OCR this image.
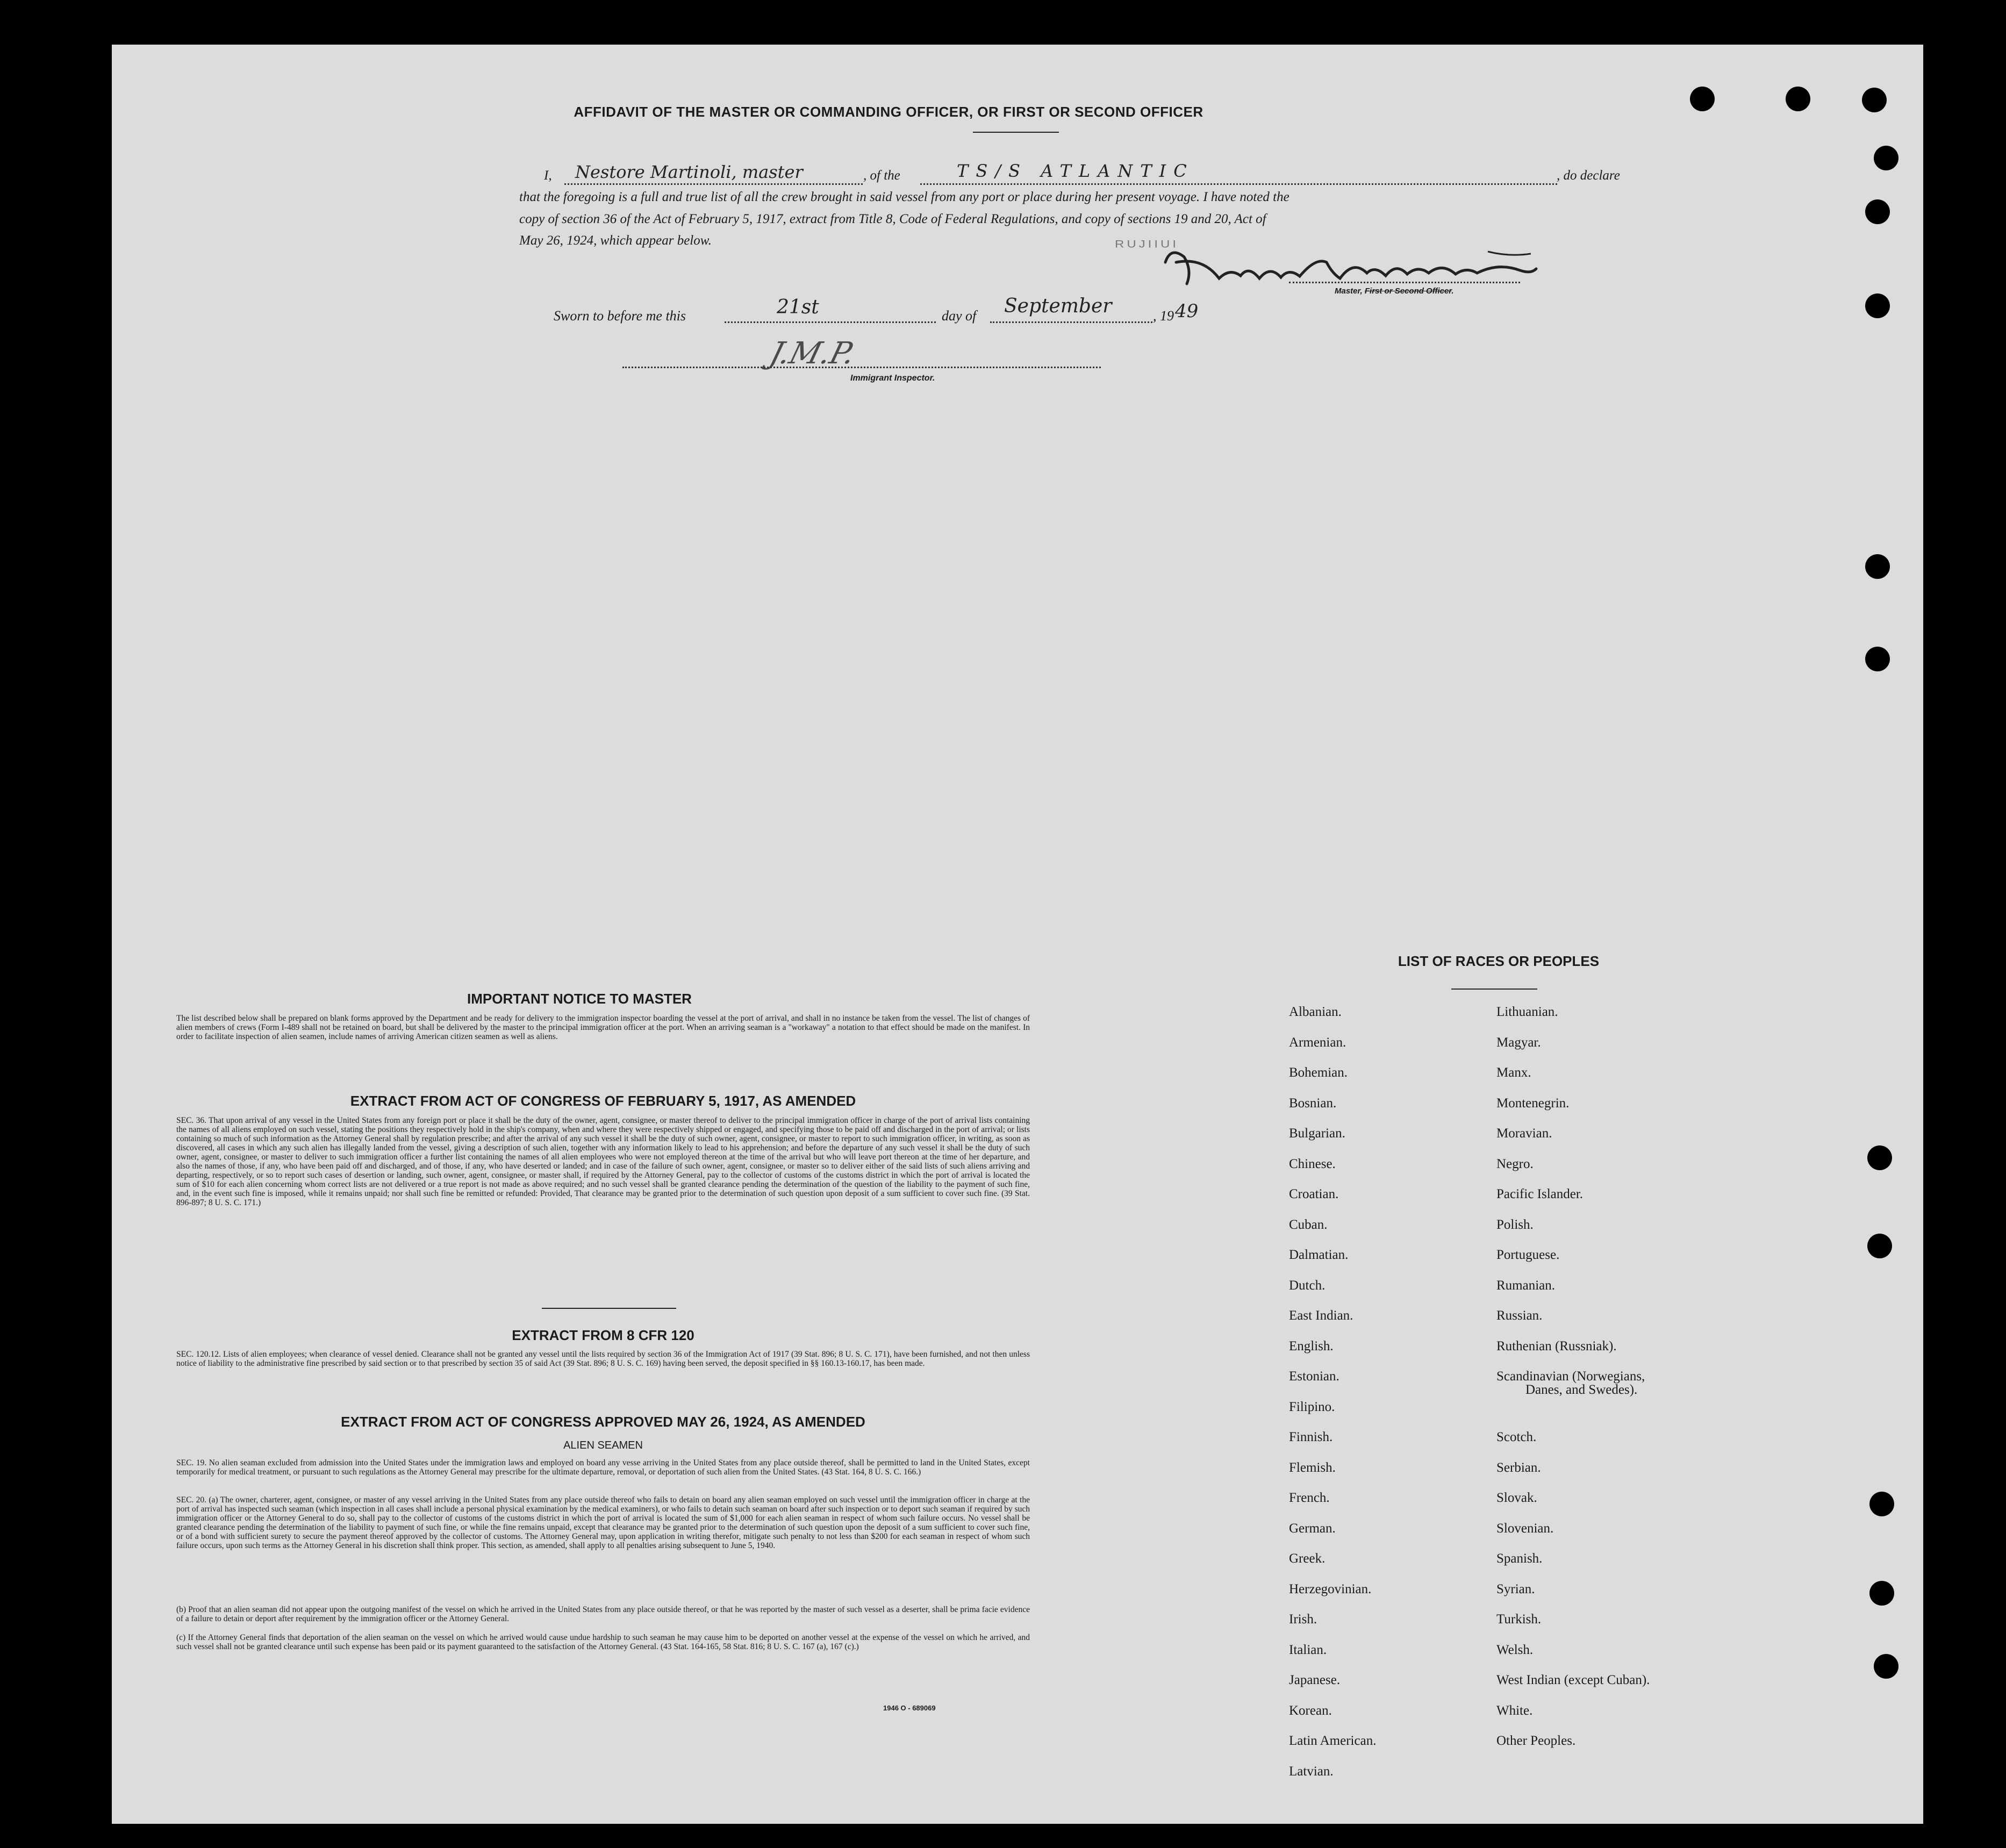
AFFIDAVIT OF THE MASTER OR COMMANDING OFFICER, OR FIRST OR SECOND OFFICER
I, Nestore Martinoli, master	, of the	TS/S ATLANTIC	, do declare
that the foregoing is a full and true list of all the crew brought in said vessel from any port or place during her present voyage. I have noted the
copy of section 36 of the Act of February 5, 1917, extract from Title 8, Code of Federal Regulations, and copy of sections 19 and 20, Act of
May 26, 1924, which appear below.	RUJIIUI
Master, First or Second Officer.
Sworn to before me this	21st	day of September	, 19 49
J.M.P.
Immigrant Inspector.
IMPORTANT NOTICE TO MASTER
The list described below shall be prepared on blank forms approved by the Department and be ready for delivery to the immigration inspector boarding the vessel at the port of arrival, and shall in no instance be taken from the vessel. The list of changes of alien members of crews (Form I-489 shall not be retained on board, but shall be delivered by the master to the principal immigration officer at the port. When an arriving seaman is a "workaway" a notation to that effect should be made on the manifest. In order to facilitate inspection of alien seamen, include names of arriving American citizen seamen as well as aliens.
EXTRACT FROM ACT OF CONGRESS OF FEBRUARY 5, 1917, AS AMENDED
SEC. 36. That upon arrival of any vessel in the United States from any foreign port or place it shall be the duty of the owner, agent, consignee, or master thereof to deliver to the principal immigration officer in charge of the port of arrival lists containing the names of all aliens employed on such vessel, stating the positions they respectively hold in the ship's company, when and where they were respectively shipped or engaged, and specifying those to be paid off and discharged in the port of arrival; or lists containing so much of such information as the Attorney General shall by regulation prescribe; and after the arrival of any such vessel it shall be the duty of such owner, agent, consignee, or master to report to such immigration officer, in writing, as soon as discovered, all cases in which any such alien has illegally landed from the vessel, giving a description of such alien, together with any information likely to lead to his apprehension; and before the departure of any such vessel it shall be the duty of such owner, agent, consignee, or master to deliver to such immigration officer a further list containing the names of all alien employees who were not employed thereon at the time of the arrival but who will leave port thereon at the time of her departure, and also the names of those, if any, who have been paid off and discharged, and of those, if any, who have deserted or landed; and in case of the failure of such owner, agent, consignee, or master so to deliver either of the said lists of such aliens arriving and departing, respectively, or so to report such cases of desertion or landing, such owner, agent, consignee, or master shall, if required by the Attorney General, pay to the collector of customs of the customs district in which the port of arrival is located the sum of $10 for each alien concerning whom correct lists are not delivered or a true report is not made as above required; and no such vessel shall be granted clearance pending the determination of the question of the liability to the payment of such fine, and, in the event such fine is imposed, while it remains unpaid; nor shall such fine be remitted or refunded: Provided, That clearance may be granted prior to the determination of such question upon deposit of a sum sufficient to cover such fine. (39 Stat. 896-897; 8 U. S. C. 171.)
EXTRACT FROM 8 CFR 120
SEC. 120.12. Lists of alien employees; when clearance of vessel denied. Clearance shall not be granted any vessel until the lists required by section 36 of the Immigration Act of 1917 (39 Stat. 896; 8 U. S. C. 171), have been furnished, and not then unless notice of liability to the administrative fine prescribed by said section or to that prescribed by section 35 of said Act (39 Stat. 896; 8 U. S. C. 169) having been served, the deposit specified in §§ 160.13-160.17, has been made.
EXTRACT FROM ACT OF CONGRESS APPROVED MAY 26, 1924, AS AMENDED
ALIEN SEAMEN
SEC. 19. No alien seaman excluded from admission into the United States under the immigration laws and employed on board any vesse arriving in the United States from any place outside thereof, shall be permitted to land in the United States, except temporarily for medical treatment, or pursuant to such regulations as the Attorney General may prescribe for the ultimate departure, removal, or deportation of such alien from the United States. (43 Stat. 164, 8 U. S. C. 166.)
SEC. 20. (a) The owner, charterer, agent, consignee, or master of any vessel arriving in the United States from any place outside thereof who fails to detain on board any alien seaman employed on such vessel until the immigration officer in charge at the port of arrival has inspected such seaman (which inspection in all cases shall include a personal physical examination by the medical examiners), or who fails to detain such seaman on board after such inspection or to deport such seaman if required by such immigration officer or the Attorney General to do so, shall pay to the collector of customs of the customs district in which the port of arrival is located the sum of $1,000 for each alien seaman in respect of whom such failure occurs. No vessel shall be granted clearance pending the determination of the liability to payment of such fine, or while the fine remains unpaid, except that clearance may be granted prior to the determination of such question upon the deposit of a sum sufficient to cover such fine, or of a bond with sufficient surety to secure the payment thereof approved by the collector of customs. The Attorney General may, upon application in writing therefor, mitigate such penalty to not less than $200 for each seaman in respect of whom such failure occurs, upon such terms as the Attorney General in his discretion shall think proper. This section, as amended, shall apply to all penalties arising subsequent to June 5, 1940.
(b) Proof that an alien seaman did not appear upon the outgoing manifest of the vessel on which he arrived in the United States from any place outside thereof, or that he was reported by the master of such vessel as a deserter, shall be prima facie evidence of a failure to detain or deport after requirement by the immigration officer or the Attorney General.
(c) If the Attorney General finds that deportation of the alien seaman on the vessel on which he arrived would cause undue hardship to such seaman he may cause him to be deported on another vessel at the expense of the vessel on which he arrived, and such vessel shall not be granted clearance until such expense has been paid or its payment guaranteed to the satisfaction of the Attorney General. (43 Stat. 164-165, 58 Stat. 816; 8 U. S. C. 167 (a), 167 (c).)
1946 O - 689069
LIST OF RACES OR PEOPLES
Albanian.
Armenian.
Bohemian.
Bosnian.
Bulgarian.
Chinese.
Croatian.
Cuban.
Dalmatian.
Dutch.
East Indian.
English.
Estonian.
Filipino.
Finnish.
Flemish.
French.
German.
Greek.
Herzegovinian.
Irish.
Italian.
Japanese.
Korean.
Latin American.
Latvian.
Lithuanian.
Magyar.
Manx.
Montenegrin.
Moravian.
Negro.
Pacific Islander.
Polish.
Portuguese.
Rumanian.
Russian.
Ruthenian (Russniak).
Scandinavian (Norwegians,
Danes, and Swedes).
Scotch.
Serbian.
Slovak.
Slovenian.
Spanish.
Syrian.
Turkish.
Welsh.
West Indian (except Cuban).
White.
Other Peoples.
